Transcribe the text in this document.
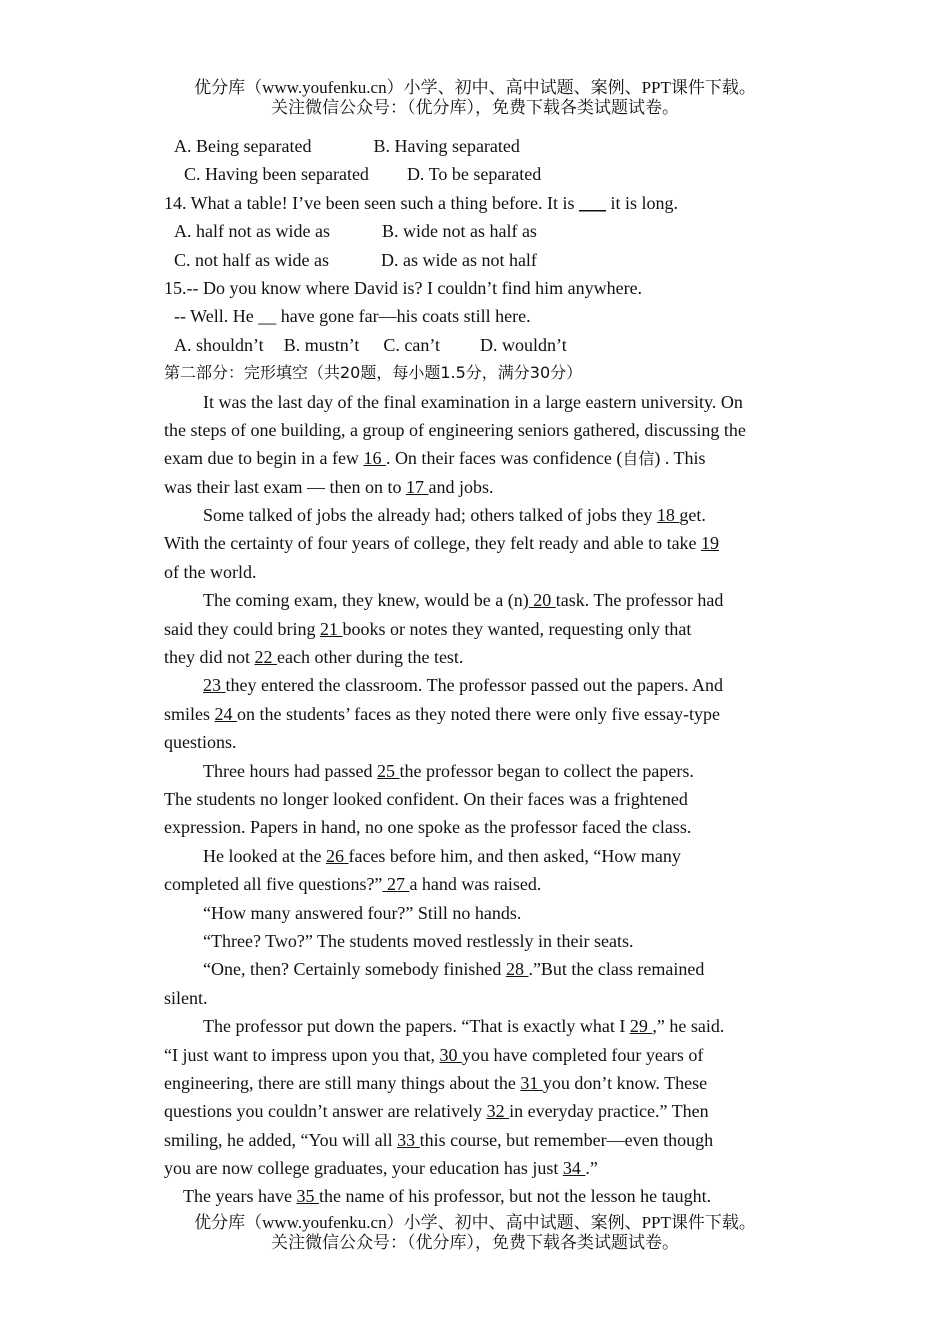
优分库（www.youfenku.cn）小学、初中、高中试题、案例、PPT课件下载。
关注微信公众号：（优分库），免费下载各类试题试卷。
A. Being separated	B. Having separated
C. Having been separated D. To be separated
14. What a table! I’ve been seen such a thing before. It is ___ it is long.
A. half not as wide as	B. wide not as half as
C. not half as wide as	D. as wide as not half
15.-- Do you know where David is? I couldn’t find him anywhere.
-- Well. He __ have gone far—his coats still here.
A. shouldn’t B. mustn’t C. can’t D. wouldn’t
第二部分：完形填空（共20题，每小题1.5分，满分30分）
It was the last day of the final examination in a large eastern university. On
the steps of one building, a group of engineering seniors gathered, discussing the
exam due to begin in a few 16 . On their faces was confidence (自信) . This
was their last exam — then on to 17 and jobs.
Some talked of jobs the already had; others talked of jobs they 18 get.
With the certainty of four years of college, they felt ready and able to take 19
of the world.
The coming exam, they knew, would be a (n) 20 task. The professor had
said they could bring 21 books or notes they wanted, requesting only that
they did not 22 each other during the test.
23 they entered the classroom. The professor passed out the papers. And
smiles 24 on the students’ faces as they noted there were only five essay-type
questions.
Three hours had passed 25 the professor began to collect the papers.
The students no longer looked confident. On their faces was a frightened
expression. Papers in hand, no one spoke as the professor faced the class.
He looked at the 26 faces before him, and then asked, “How many
completed all five questions?” 27 a hand was raised.
“How many answered four?” Still no hands.
“Three? Two?” The students moved restlessly in their seats.
“One, then? Certainly somebody finished 28 .”But the class remained
silent.
The professor put down the papers. “That is exactly what I 29 ,” he said.
“I just want to impress upon you that, 30 you have completed four years of
engineering, there are still many things about the 31 you don’t know. These
questions you couldn’t answer are relatively 32 in everyday practice.” Then
smiling, he added, “You will all 33 this course, but remember—even though
you are now college graduates, your education has just 34 .”
The years have 35 the name of his professor, but not the lesson he taught.
优分库（www.youfenku.cn）小学、初中、高中试题、案例、PPT课件下载。
关注微信公众号：（优分库），免费下载各类试题试卷。
